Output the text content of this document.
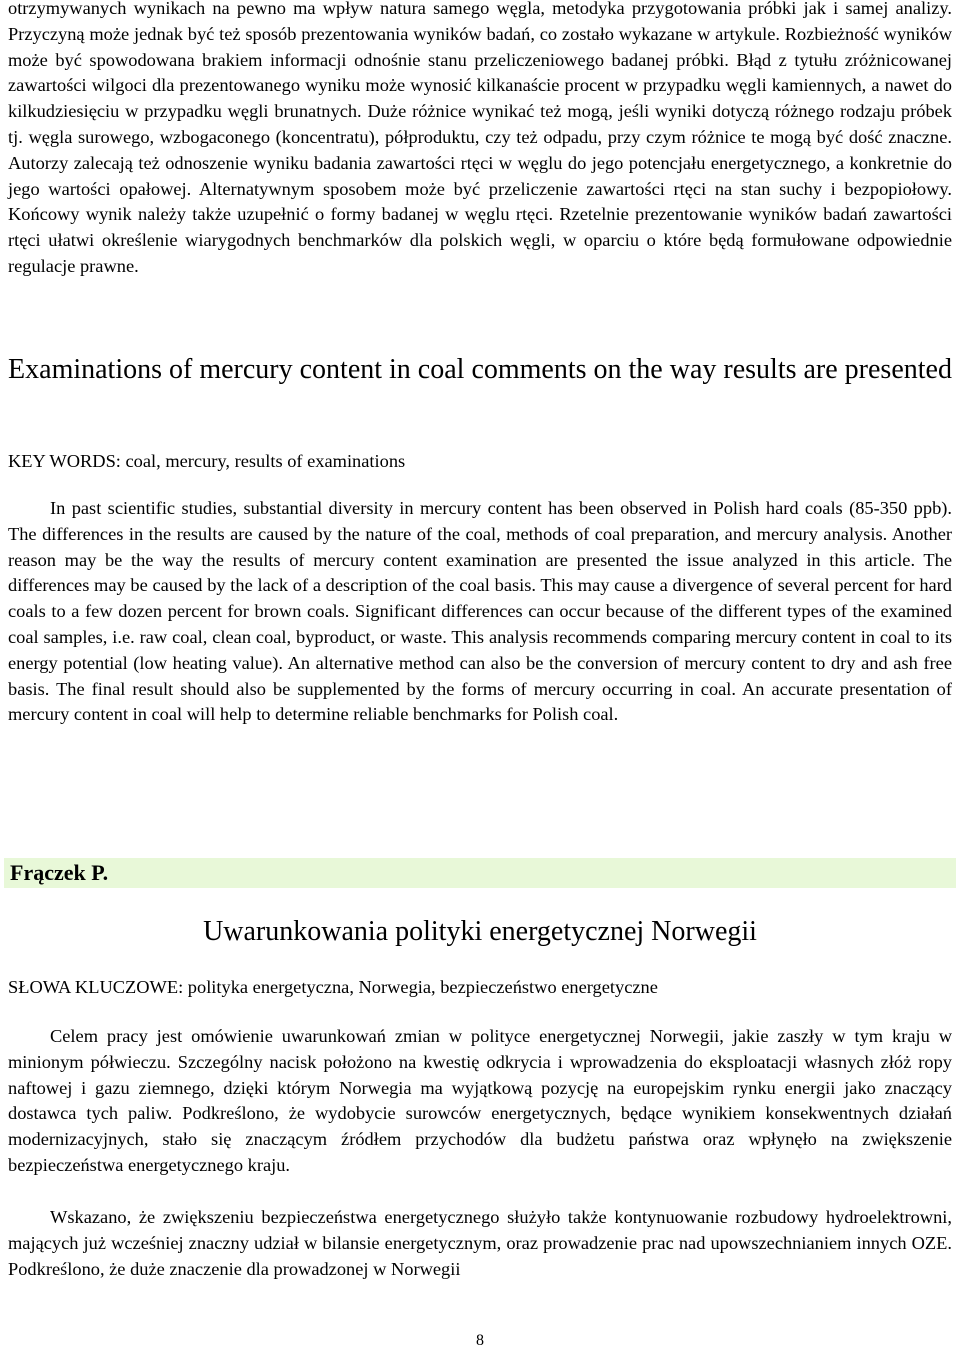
otrzymywanych wynikach na pewno ma wpływ natura samego węgla, metodyka przygotowania próbki jak i samej analizy. Przyczyną może jednak być też sposób prezentowania wyników badań, co zostało wykazane w artykule. Rozbieżność wyników może być spowodowana brakiem informacji odnośnie stanu przeliczeniowego badanej próbki. Błąd z tytułu zróżnicowanej zawartości wilgoci dla prezentowanego wyniku może wynosić kilkanaście procent w przypadku węgli kamiennych, a nawet do kilkudziesięciu w przypadku węgli brunatnych. Duże różnice wynikać też mogą, jeśli wyniki dotyczą różnego rodzaju próbek tj. węgla surowego, wzbogaconego (koncentratu), półproduktu, czy też odpadu, przy czym różnice te mogą być dość znaczne. Autorzy zalecają też odnoszenie wyniku badania zawartości rtęci w węglu do jego potencjału energetycznego, a konkretnie do jego wartości opałowej. Alternatywnym sposobem może być przeliczenie zawartości rtęci na stan suchy i bezpopiołowy. Końcowy wynik należy także uzupełnić o formy badanej w węglu rtęci. Rzetelnie prezentowanie wyników badań zawartości rtęci ułatwi określenie wiarygodnych benchmarków dla polskich węgli, w oparciu o które będą formułowane odpowiednie regulacje prawne.

Examinations of mercury content in coal comments on the way results are presented

KEY WORDS: coal, mercury, results of examinations

In past scientific studies, substantial diversity in mercury content has been observed in Polish hard coals (85-350 ppb). The differences in the results are caused by the nature of the coal, methods of coal preparation, and mercury analysis. Another reason may be the way the results of mercury content examination are presented the issue analyzed in this article. The differences may be caused by the lack of a description of the coal basis. This may cause a divergence of several percent for hard coals to a few dozen percent for brown coals. Significant differences can occur because of the different types of the examined coal samples, i.e. raw coal, clean coal, byproduct, or waste. This analysis recommends comparing mercury content in coal to its energy potential (low heating value). An alternative method can also be the conversion of mercury content to dry and ash free basis. The final result should also be supplemented by the forms of mercury occurring in coal. An accurate presentation of mercury content in coal will help to determine reliable benchmarks for Polish coal.

Frączek P.
Uwarunkowania polityki energetycznej Norwegii

SŁOWA KLUCZOWE: polityka energetyczna, Norwegia, bezpieczeństwo energetyczne

Celem pracy jest omówienie uwarunkowań zmian w polityce energetycznej Norwegii, jakie zaszły w tym kraju w minionym półwieczu. Szczególny nacisk położono na kwestię odkrycia i wprowadzenia do eksploatacji własnych złóż ropy naftowej i gazu ziemnego, dzięki którym Norwegia ma wyjątkową pozycję na europejskim rynku energii jako znaczący dostawca tych paliw. Podkreślono, że wydobycie surowców energetycznych, będące wynikiem konsekwentnych działań modernizacyjnych, stało się znaczącym źródłem przychodów dla budżetu państwa oraz wpłynęło na zwiększenie bezpieczeństwa energetycznego kraju.

Wskazano, że zwiększeniu bezpieczeństwa energetycznego służyło także kontynuowanie rozbudowy hydroelektrowni, mających już wcześniej znaczny udział w bilansie energetycznym, oraz prowadzenie prac nad upowszechnianiem innych OZE. Podkreślono, że duże znaczenie dla prowadzonej w Norwegii

8
